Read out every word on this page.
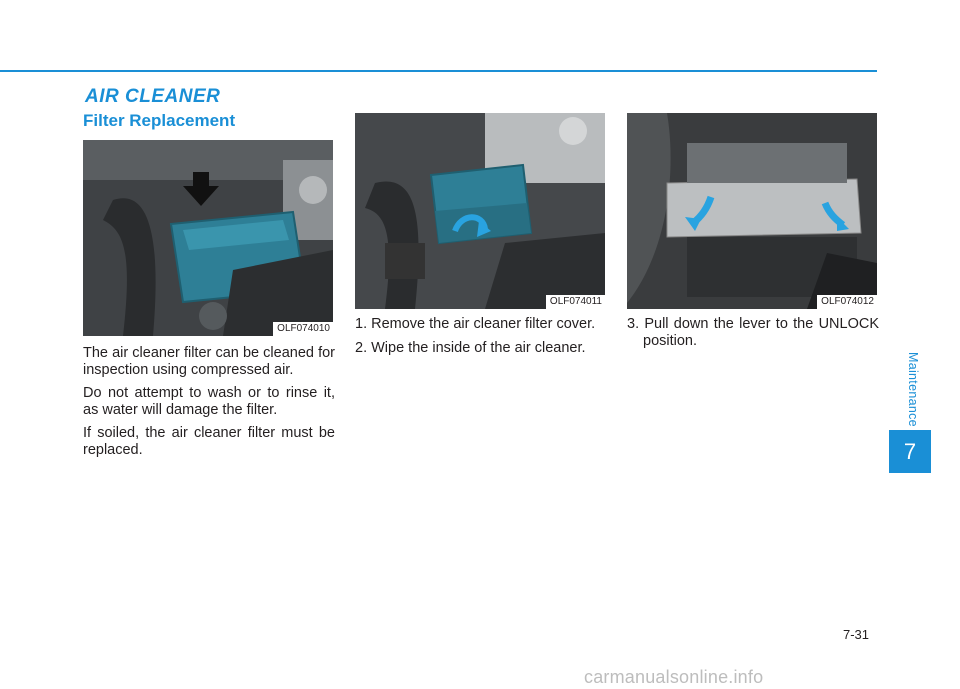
AIR CLEANER
Filter Replacement
OLF074010
OLF074011	OLF074012

The air cleaner filter can be cleaned for inspection using compressed air.

Do not attempt to wash or to rinse it, as water will damage the filter.

If soiled, the air cleaner filter must be replaced.

1. Remove the air cleaner filter cover.

2. Wipe the inside of the air cleaner.

3. Pull down the lever to the UNLOCK position.

Maintenance
7
7-31
carmanualsonline.info
